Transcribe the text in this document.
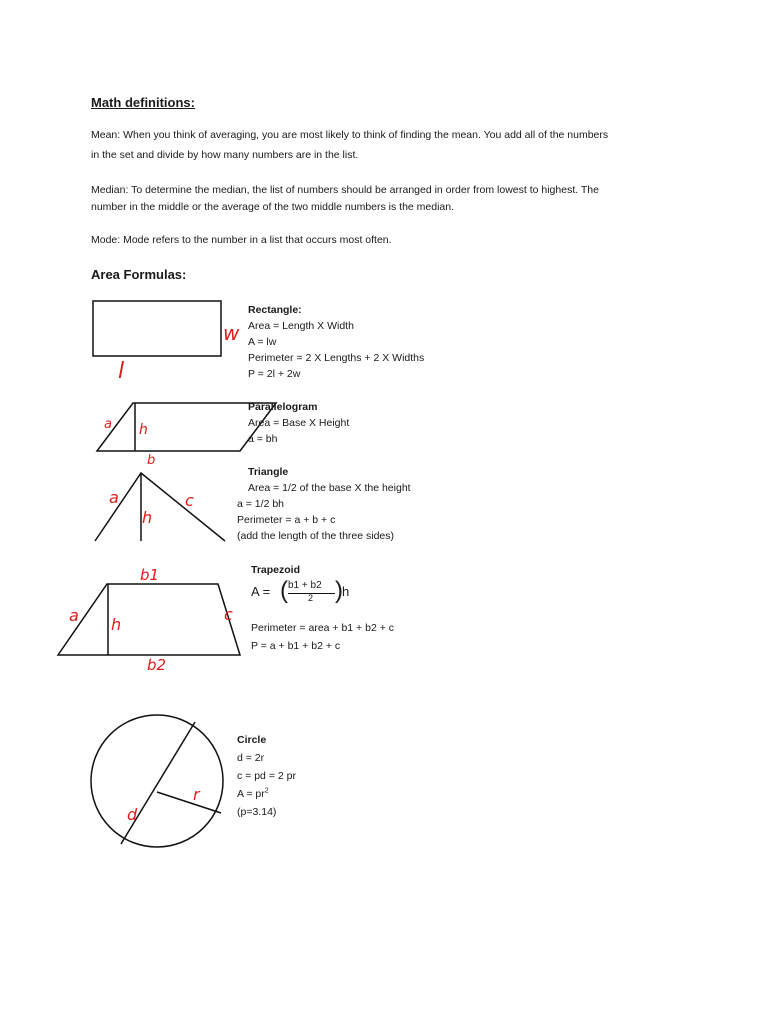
Math definitions:
Mean: When you think of averaging, you are most likely to think of finding the mean. You add all of the numbers
in the set and divide by how many numbers are in the list.
Median: To determine the median, the list of numbers should be arranged in order from lowest to highest. The
number in the middle or the average of the two middle numbers is the median.
Mode: Mode refers to the number in a list that occurs most often.
Area Formulas:
w
l
a h
b
a
h
c
b1
a h
c
b2
r
d
Rectangle:
Area = Length X Width
A = lw
Perimeter = 2 X Lengths + 2 X Widths
P = 2l + 2w
Parallelogram
Area = Base X Height
a = bh
Triangle
Area = 1/2 of the base X the height
a = 1/2 bh
Perimeter = a + b + c
(add the length of the three sides)
Trapezoid
A = ( b1 + b2
2 ) h
Perimeter = area + b1 + b2 + c
P = a + b1 + b2 + c
Circle
d = 2r
c = pd = 2 pr
$A = pr^2$
(p=3.14)
